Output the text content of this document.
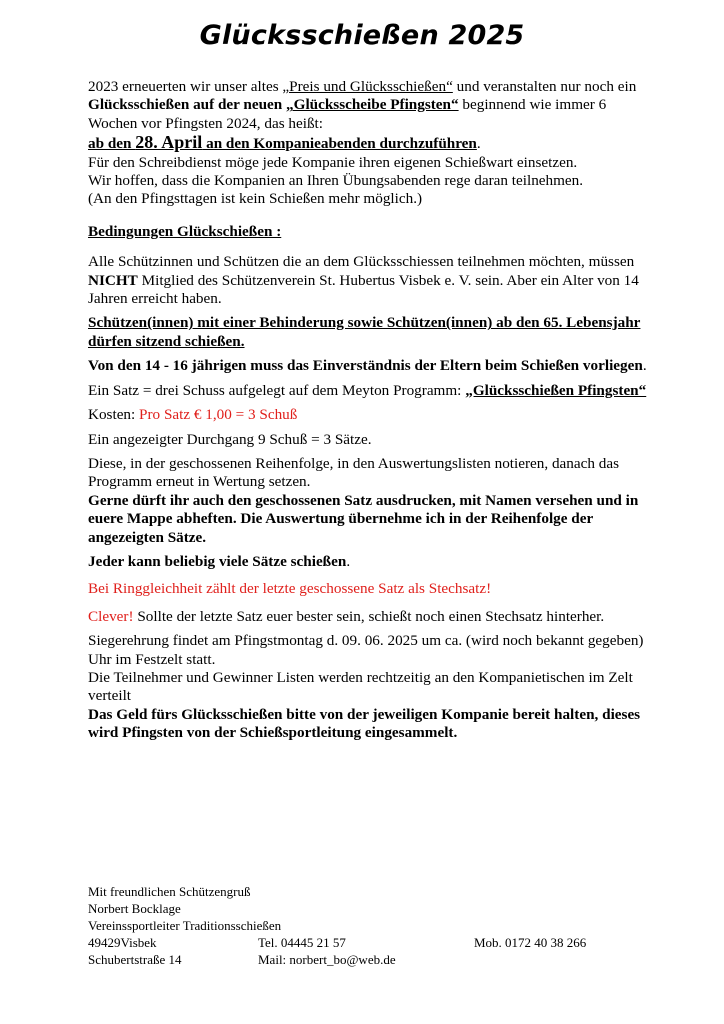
Glücksschießen 2025

2023 erneuerten wir unser altes „Preis und Glücksschießen“ und veranstalten nur noch ein

Glücksschießen auf der neuen „Glücksscheibe Pfingsten“ beginnend wie immer 6 Wochen vor Pfingsten 2024, das heißt:

ab den 28. April an den Kompanieabenden durchzuführen.

Für den Schreibdienst möge jede Kompanie ihren eigenen Schießwart einsetzen.

Wir hoffen, dass die Kompanien an Ihren Übungsabenden rege daran teilnehmen.

(An den Pfingsttagen ist kein Schießen mehr möglich.)

Bedingungen Glückschießen :

Alle Schützinnen und Schützen die an dem Glücksschiessen teilnehmen möchten, müssen NICHT Mitglied des Schützenverein St. Hubertus Visbek e. V. sein. Aber ein Alter von 14 Jahren erreicht haben.

Schützen(innen) mit einer Behinderung sowie Schützen(innen) ab den 65. Lebensjahr dürfen sitzend schießen.

Von den 14 - 16 jährigen muss das Einverständnis der Eltern beim Schießen vorliegen.

Ein Satz = drei Schuss aufgelegt auf dem Meyton Programm: „Glücksschießen Pfingsten“

Kosten: Pro Satz € 1,00 = 3 Schuß

Ein angezeigter Durchgang 9 Schuß = 3 Sätze.

Diese, in der geschossenen Reihenfolge, in den Auswertungslisten notieren, danach das Programm erneut in Wertung setzen.

Gerne dürft ihr auch den geschossenen Satz ausdrucken, mit Namen versehen und in euere Mappe abheften. Die Auswertung übernehme ich in der Reihenfolge der angezeigten Sätze.

Jeder kann beliebig viele Sätze schießen.

Bei Ringgleichheit zählt der letzte geschossene Satz als Stechsatz!

Clever! Sollte der letzte Satz euer bester sein, schießt noch einen Stechsatz hinterher.

Siegerehrung findet am Pfingstmontag d. 09. 06. 2025 um ca. (wird noch bekannt gegeben) Uhr im Festzelt statt.

Die Teilnehmer und Gewinner Listen werden rechtzeitig an den Kompanietischen im Zelt verteilt

Das Geld fürs Glücksschießen bitte von der jeweiligen Kompanie bereit halten, dieses wird Pfingsten von der Schießsportleitung eingesammelt.

Mit freundlichen Schützengruß
Norbert Bocklage
Vereinssportleiter Traditionsschießen
49429Visbek	Tel. 04445 21 57	Mob. 0172 40 38 266
Schubertstraße 14	Mail: norbert_bo@web.de
